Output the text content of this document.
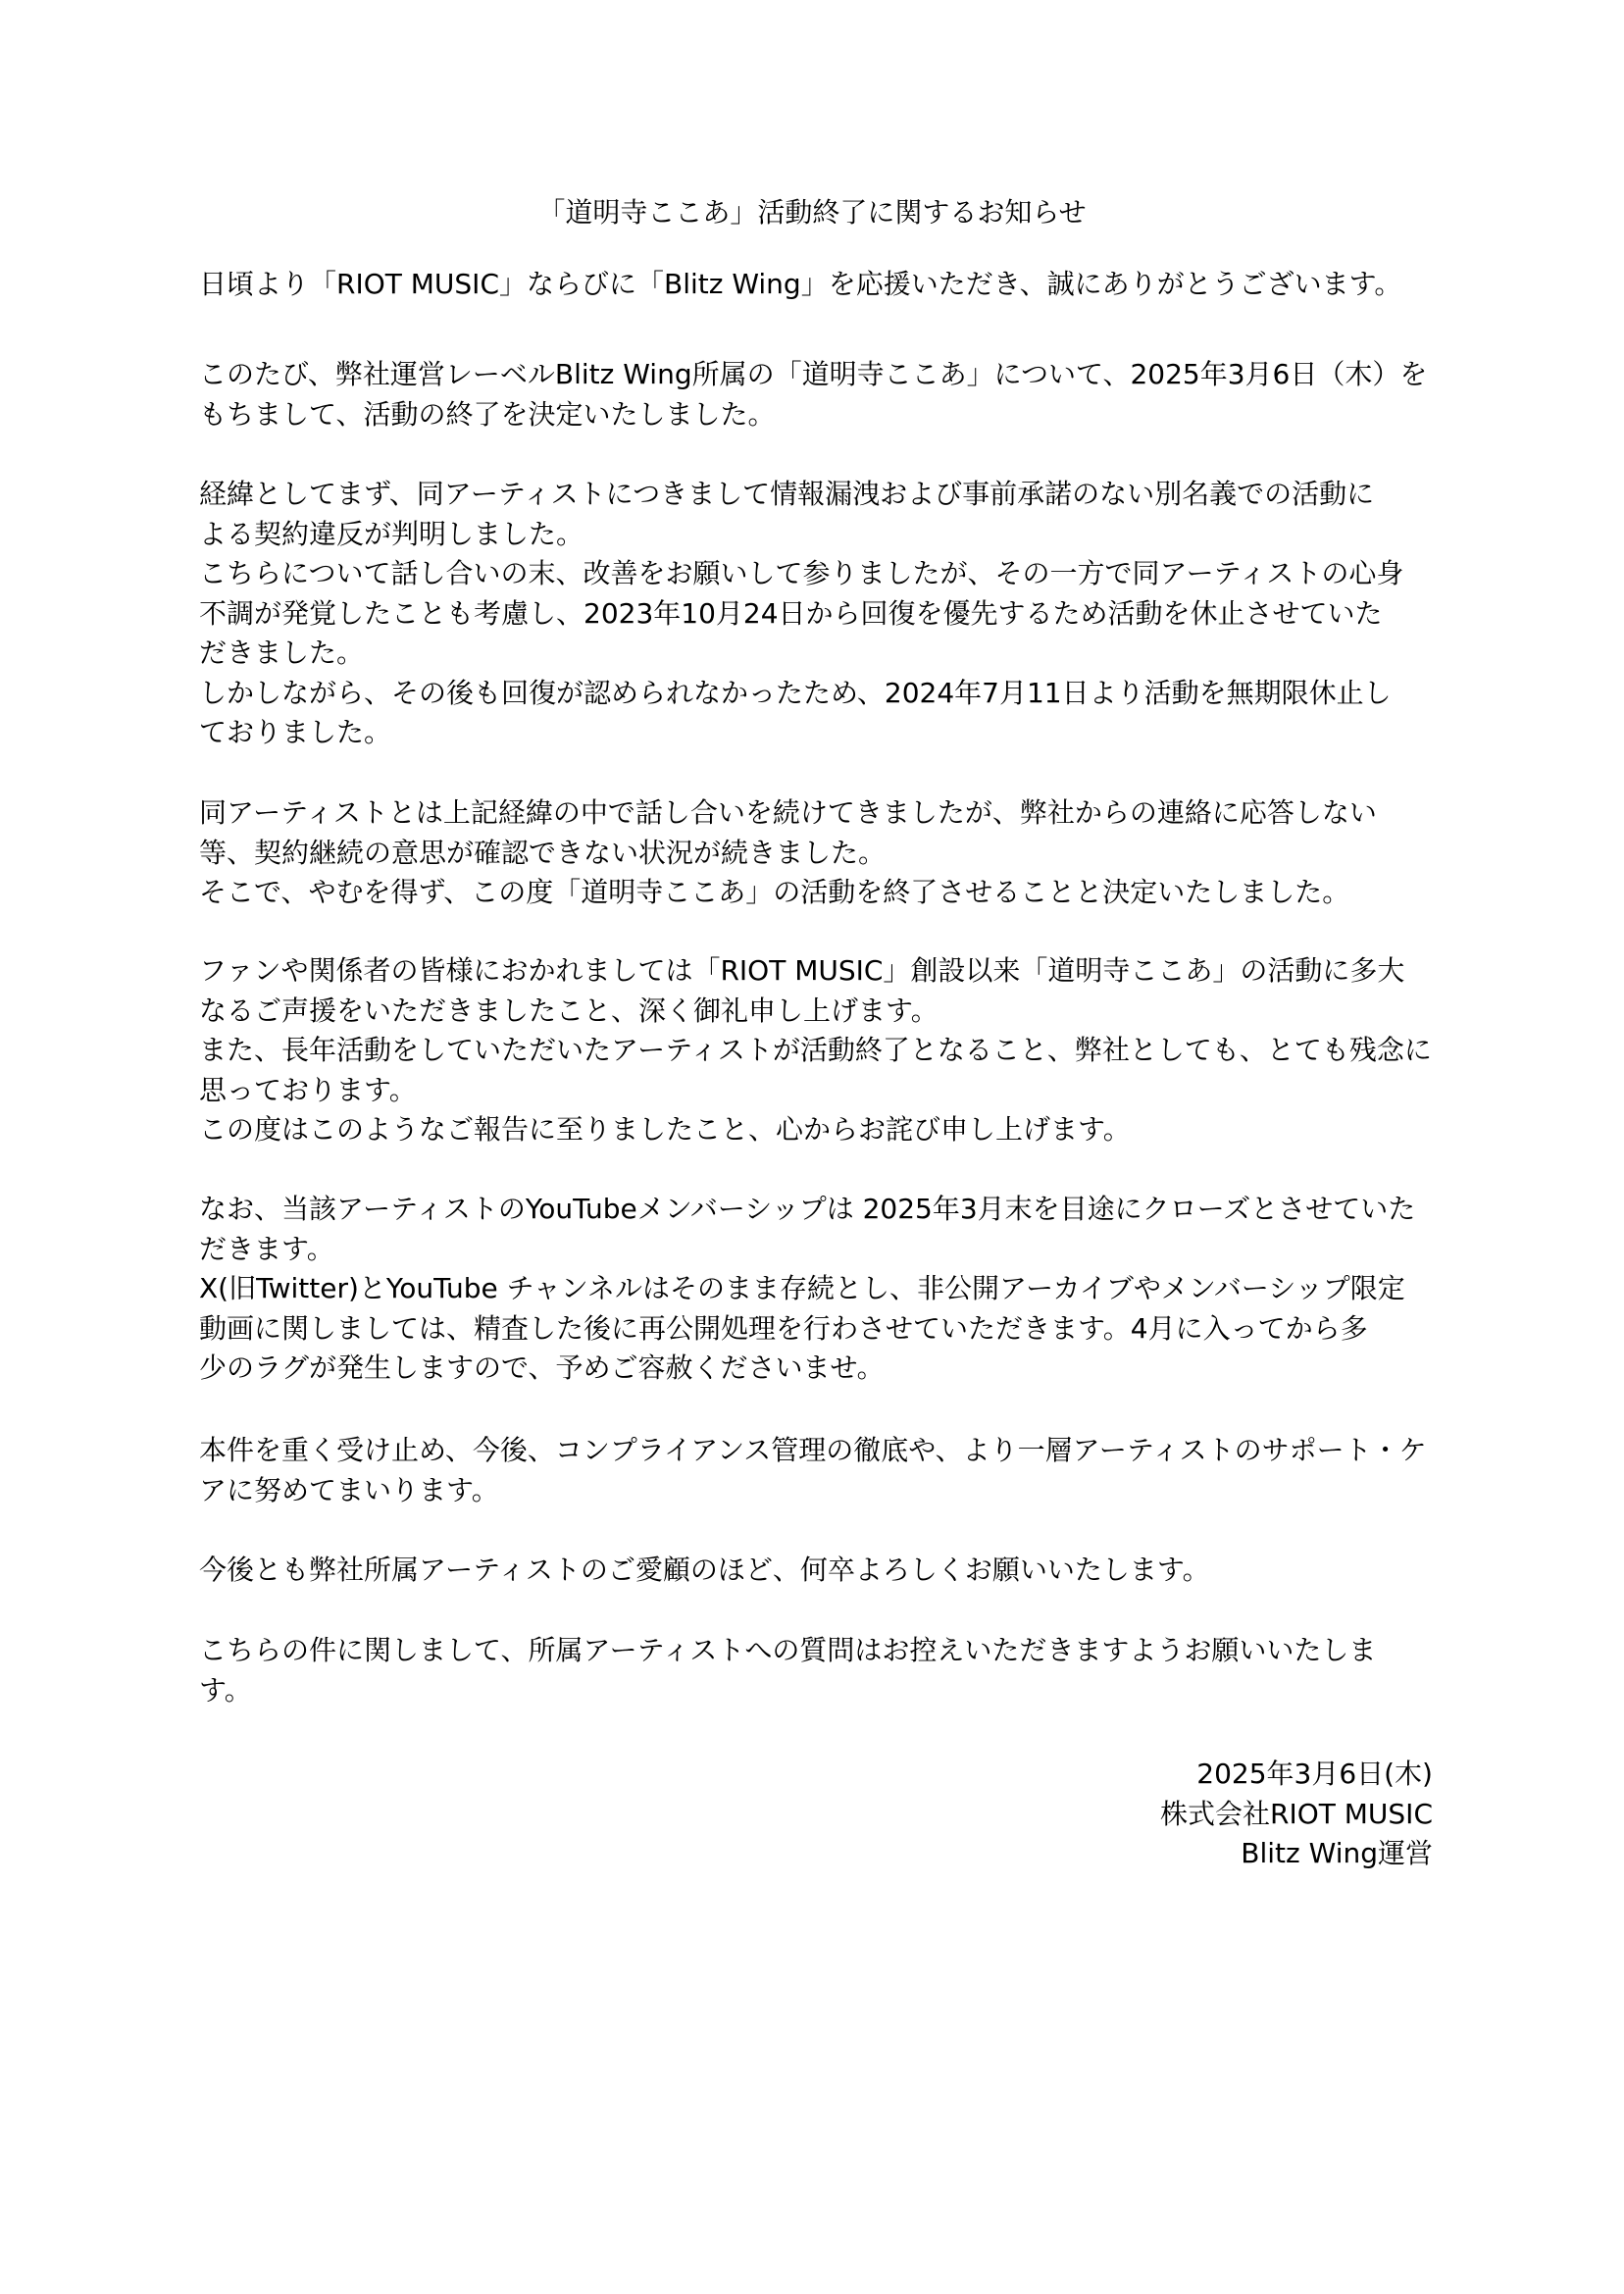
「道明寺ここあ」活動終了に関するお知らせ
日頃より「RIOT MUSIC」ならびに「Blitz Wing」を応援いただき、誠にありがとうございます。
このたび、弊社運営レーベルBlitz Wing所属の「道明寺ここあ」について、2025年3月6日（木）を
もちまして、活動の終了を決定いたしました。
経緯としてまず、同アーティストにつきまして情報漏洩および事前承諾のない別名義での活動に
よる契約違反が判明しました。
こちらについて話し合いの末、改善をお願いして参りましたが、その一方で同アーティストの心身
不調が発覚したことも考慮し、2023年10月24日から回復を優先するため活動を休止させていた
だきました。
しかしながら、その後も回復が認められなかったため、2024年7月11日より活動を無期限休止し
ておりました。
同アーティストとは上記経緯の中で話し合いを続けてきましたが、弊社からの連絡に応答しない
等、契約継続の意思が確認できない状況が続きました。
そこで、やむを得ず、この度「道明寺ここあ」の活動を終了させることと決定いたしました。
ファンや関係者の皆様におかれましては「RIOT MUSIC」創設以来「道明寺ここあ」の活動に多大
なるご声援をいただきましたこと、深く御礼申し上げます。
また、長年活動をしていただいたアーティストが活動終了となること、弊社としても、とても残念に
思っております。
この度はこのようなご報告に至りましたこと、心からお詫び申し上げます。
なお、当該アーティストのYouTubeメンバーシップは 2025年3月末を目途にクローズとさせていた
だきます。
X(旧Twitter)とYouTube チャンネルはそのまま存続とし、非公開アーカイブやメンバーシップ限定
動画に関しましては、精査した後に再公開処理を行わさせていただきます。4月に入ってから多
少のラグが発生しますので、予めご容赦くださいませ。
本件を重く受け止め、今後、コンプライアンス管理の徹底や、より一層アーティストのサポート・ケ
アに努めてまいります。
今後とも弊社所属アーティストのご愛顧のほど、何卒よろしくお願いいたします。
こちらの件に関しまして、所属アーティストへの質問はお控えいただきますようお願いいたしま
す。
2025年3月6日(木)
株式会社RIOT MUSIC
Blitz Wing運営
